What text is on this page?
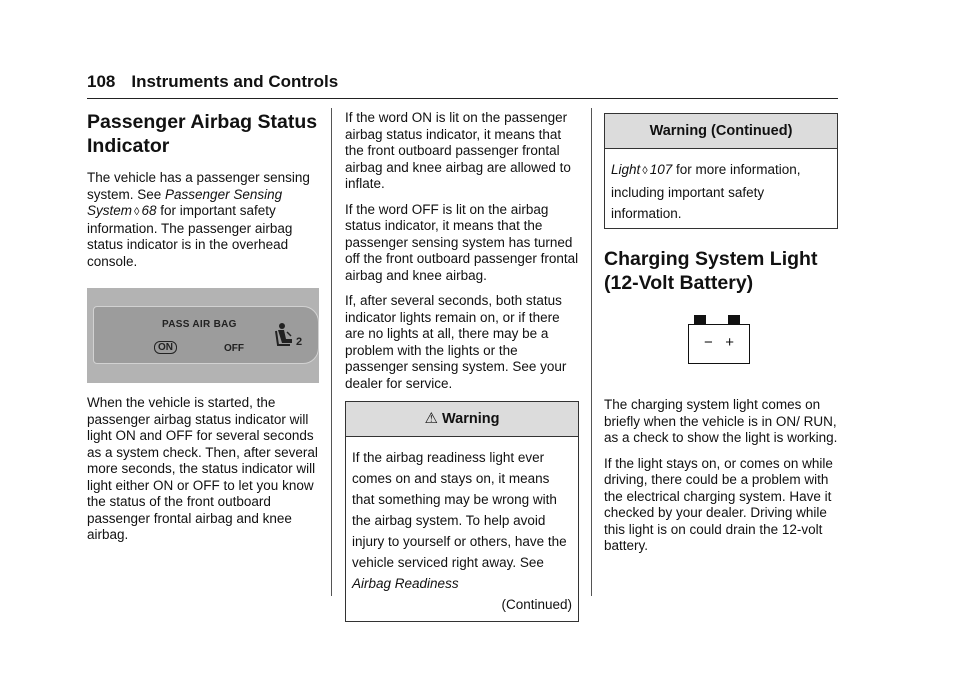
108 Instruments and Controls
Passenger Airbag Status Indicator

The vehicle has a passenger sensing system. See Passenger Sensing System ◊ 68 for important safety information. The passenger airbag status indicator is in the overhead console.

PASS AIR BAG
ON	OFF
2

When the vehicle is started, the passenger airbag status indicator will light ON and OFF for several seconds as a system check. Then, after several more seconds, the status indicator will light either ON or OFF to let you know the status of the front outboard passenger frontal airbag and knee airbag.

If the word ON is lit on the passenger airbag status indicator, it means that the front outboard passenger frontal airbag and knee airbag are allowed to inflate.

If the word OFF is lit on the airbag status indicator, it means that the passenger sensing system has turned off the front outboard passenger frontal airbag and knee airbag.

If, after several seconds, both status indicator lights remain on, or if there are no lights at all, there may be a problem with the lights or the passenger sensing system. See your dealer for service.

⚠ Warning

If the airbag readiness light ever comes on and stays on, it means that something may be wrong with the airbag system. To help avoid injury to yourself or others, have the vehicle serviced right away. See Airbag Readiness

(Continued)

Warning (Continued)

Light ◊ 107 for more information, including important safety information.

Charging System Light (12-Volt Battery)
− +

The charging system light comes on briefly when the vehicle is in ON/ RUN, as a check to show the light is working.

If the light stays on, or comes on while driving, there could be a problem with the electrical charging system. Have it checked by your dealer. Driving while this light is on could drain the 12-volt battery.
